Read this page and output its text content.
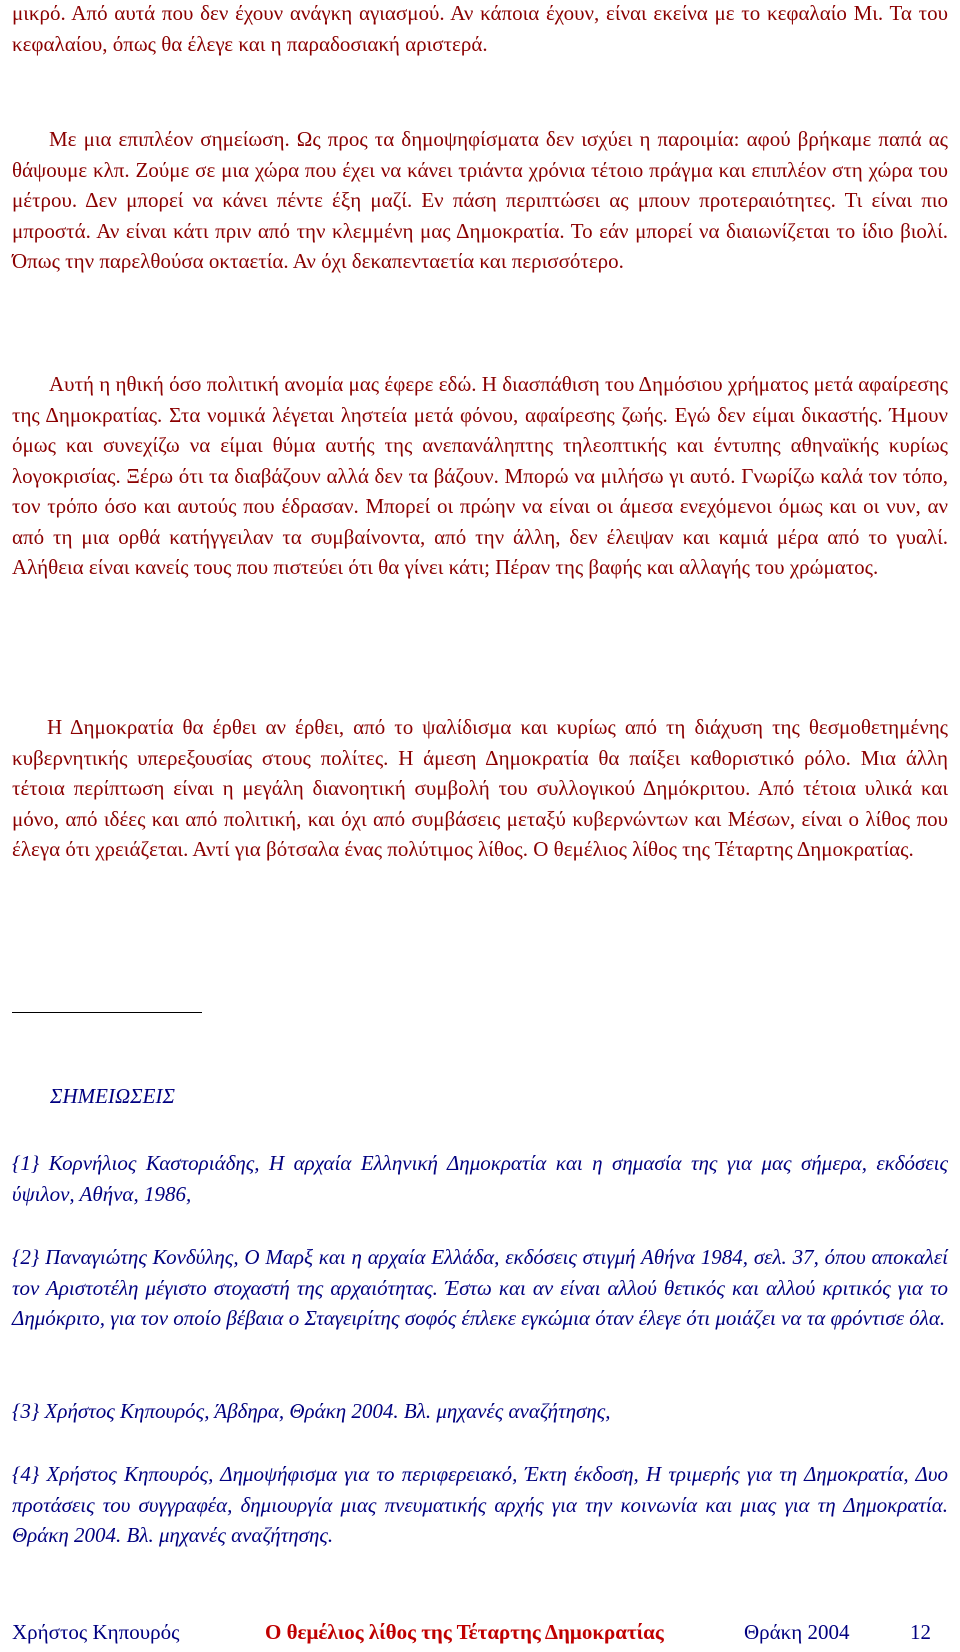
μικρό. Από αυτά που δεν έχουν ανάγκη αγιασμού. Αν κάποια έχουν, είναι εκείνα με το κεφαλαίο Μι. Τα του κεφαλαίου, όπως θα έλεγε και η παραδοσιακή αριστερά.

Με μια επιπλέον σημείωση. Ως προς τα δημοψηφίσματα δεν ισχύει η παροιμία: αφού βρήκαμε παπά ας θάψουμε κλπ. Ζούμε σε μια χώρα που έχει να κάνει τριάντα χρόνια τέτοιο πράγμα και επιπλέον στη χώρα του μέτρου. Δεν μπορεί να κάνει πέντε έξη μαζί. Εν πάση περιπτώσει ας μπουν προτεραιότητες. Τι είναι πιο μπροστά. Αν είναι κάτι πριν από την κλεμμένη μας Δημοκρατία. Το εάν μπορεί να διαιωνίζεται το ίδιο βιολί. Όπως την παρελθούσα οκταετία. Αν όχι δεκαπενταετία και περισσότερο.

Αυτή η ηθική όσο πολιτική ανομία μας έφερε εδώ. Η διασπάθιση του Δημόσιου χρήματος μετά αφαίρεσης της Δημοκρατίας. Στα νομικά λέγεται ληστεία μετά φόνου, αφαίρεσης ζωής. Εγώ δεν είμαι δικαστής. Ήμουν όμως και συνεχίζω να είμαι θύμα αυτής της ανεπανάληπτης τηλεοπτικής και έντυπης αθηναϊκής κυρίως λογοκρισίας. Ξέρω ότι τα διαβάζουν αλλά δεν τα βάζουν. Μπορώ να μιλήσω γι αυτό. Γνωρίζω καλά τον τόπο, τον τρόπο όσο και αυτούς που έδρασαν. Μπορεί οι πρώην να είναι οι άμεσα ενεχόμενοι όμως και οι νυν, αν από τη μια ορθά κατήγγειλαν τα συμβαίνοντα, από την άλλη, δεν έλειψαν και καμιά μέρα από το γυαλί. Αλήθεια είναι κανείς τους που πιστεύει ότι θα γίνει κάτι; Πέραν της βαφής και αλλαγής του χρώματος.

Η Δημοκρατία θα έρθει αν έρθει, από το ψαλίδισμα και κυρίως από τη διάχυση της θεσμοθετημένης κυβερνητικής υπερεξουσίας στους πολίτες. Η άμεση Δημοκρατία θα παίξει καθοριστικό ρόλο. Μια άλλη τέτοια περίπτωση είναι η μεγάλη διανοητική συμβολή του συλλογικού Δημόκριτου. Από τέτοια υλικά και μόνο, από ιδέες και από πολιτική, και όχι από συμβάσεις μεταξύ κυβερνώντων και Μέσων, είναι ο λίθος που έλεγα ότι χρειάζεται. Αντί για βότσαλα ένας πολύτιμος λίθος. Ο θεμέλιος λίθος της Τέταρτης Δημοκρατίας.

ΣΗΜΕΙΩΣΕΙΣ

{1} Κορνήλιος Καστοριάδης, Η αρχαία Ελληνική Δημοκρατία και η σημασία της για μας σήμερα, εκδόσεις ύψιλον, Αθήνα, 1986,

{2} Παναγιώτης Κονδύλης, Ο Μαρξ και η αρχαία Ελλάδα, εκδόσεις στιγμή Αθήνα 1984, σελ. 37, όπου αποκαλεί τον Αριστοτέλη μέγιστο στοχαστή της αρχαιότητας. Έστω και αν είναι αλλού θετικός και αλλού κριτικός για το Δημόκριτο, για τον οποίο βέβαια ο Σταγειρίτης σοφός έπλεκε εγκώμια όταν έλεγε ότι μοιάζει να τα φρόντισε όλα.

{3} Χρήστος Κηπουρός, Άβδηρα, Θράκη 2004. Βλ. μηχανές αναζήτησης,

{4} Χρήστος Κηπουρός, Δημοψήφισμα για το περιφερειακό, Έκτη έκδοση, Η τριμερής για τη Δημοκρατία, Δυο προτάσεις του συγγραφέα, δημιουργία μιας πνευματικής αρχής για την κοινωνία και μιας για τη Δημοκρατία. Θράκη 2004. Βλ. μηχανές αναζήτησης.

Χρήστος Κηπουρός	Ο θεμέλιος λίθος της Τέταρτης Δημοκρατίας	Θράκη 2004	12
